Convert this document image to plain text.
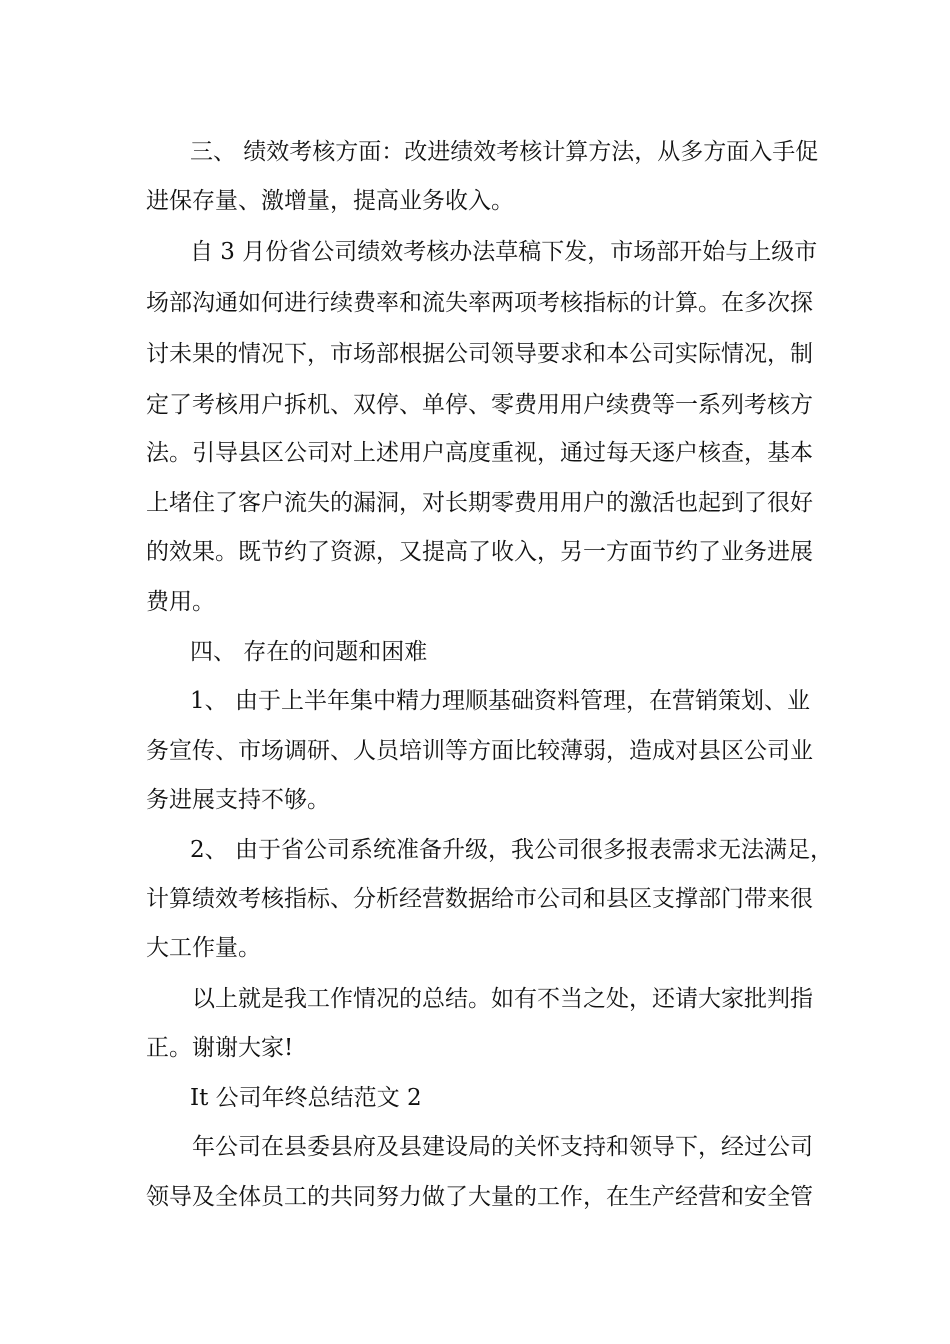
三、 绩效考核方面：改进绩效考核计算方法，从多方面入手促
进保存量、激增量，提高业务收入。
自 3 月份省公司绩效考核办法草稿下发，市场部开始与上级市
场部沟通如何进行续费率和流失率两项考核指标的计算。在多次探
讨未果的情况下，市场部根据公司领导要求和本公司实际情况，制
定了考核用户拆机、双停、单停、零费用用户续费等一系列考核方
法。引导县区公司对上述用户高度重视，通过每天逐户核查，基本
上堵住了客户流失的漏洞，对长期零费用用户的激活也起到了很好
的效果。既节约了资源，又提高了收入，另一方面节约了业务进展
费用。
四、 存在的问题和困难
1、 由于上半年集中精力理顺基础资料管理，在营销策划、业
务宣传、市场调研、人员培训等方面比较薄弱，造成对县区公司业
务进展支持不够。
2、 由于省公司系统准备升级，我公司很多报表需求无法满足，
计算绩效考核指标、分析经营数据给市公司和县区支撑部门带来很
大工作量。
以上就是我工作情况的总结。如有不当之处，还请大家批判指
正。谢谢大家!
It 公司年终总结范文 2
年公司在县委县府及县建设局的关怀支持和领导下，经过公司
领导及全体员工的共同努力做了大量的工作，在生产经营和安全管
